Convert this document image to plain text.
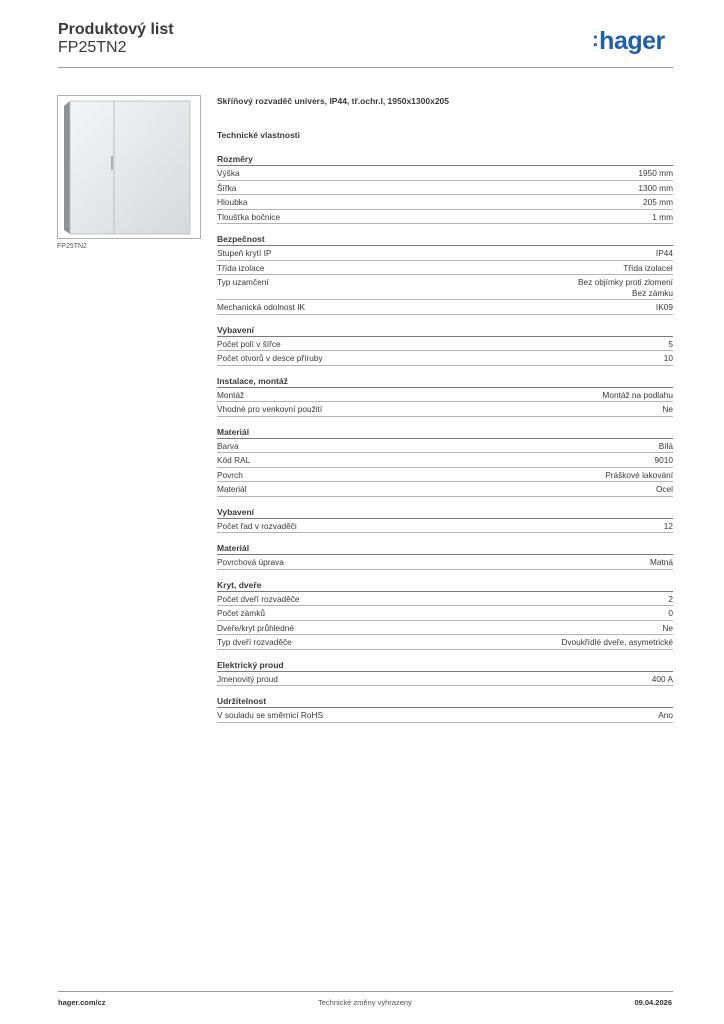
Produktový list
FP25TN2	:hager
FP25TN2
Skříňový rozvaděč univers, IP44, tř.ochr.I, 1950x1300x205
Technické vlastnosti
Rozměry
Výška	1950 mm
Šířka	1300 mm
Hloubka	205 mm
Tloušťka bočnice	1 mm
Bezpečnost
Stupeň krytí IP	IP44
Třída izolace	Třída izolaceI
Typ uzamčení	Bez objímky proti zlomení
Bez zámku
Mechanická odolnost IK	IK09
Vybavení
Počet polí v šířce	5
Počet otvorů v desce příruby	10
Instalace, montáž
Montáž	Montáž na podlahu
Vhodné pro venkovní použití	Ne
Materiál
Barva	Bílá
Kód RAL	9010
Povrch	Práškové lakování
Materiál	Ocel
Vybavení
Počet řad v rozvaděči	12
Materiál
Povrchová úprava	Matná
Kryt, dveře
Počet dveří rozvaděče	2
Počet zámků	0
Dveře/kryt průhledné	Ne
Typ dveří rozvaděče	Dvoukřídlé dveře, asymetrické
Elektrický proud
Jmenovitý proud	400 A
Udržitelnost
V souladu se směrnicí RoHS	Ano
hager.com/cz	Technické změny vyhrazeny	09.04.2026
